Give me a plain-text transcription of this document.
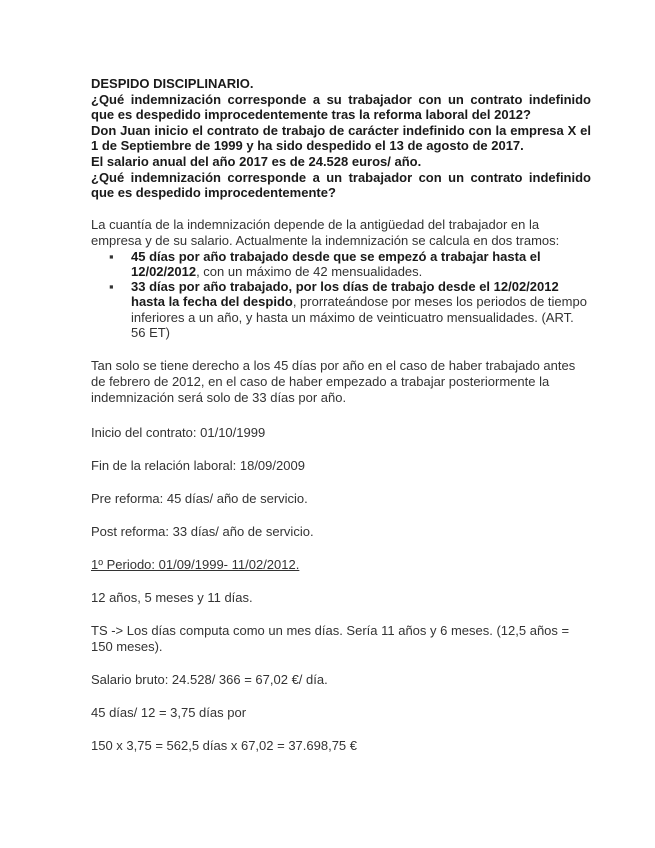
DESPIDO DISCIPLINARIO.
¿Qué indemnización corresponde a su trabajador con un contrato indefinido que es despedido improcedentemente tras la reforma laboral del 2012?
Don Juan inicio el contrato de trabajo de carácter indefinido con la empresa X el 1 de Septiembre de 1999 y ha sido despedido el 13 de agosto de 2017.
El salario anual del año 2017 es de 24.528 euros/ año.
¿Qué indemnización corresponde a un trabajador con un contrato indefinido que es despedido improcedentemente?
La cuantía de la indemnización depende de la antigüedad del trabajador en la empresa y de su salario. Actualmente la indemnización se calcula en dos tramos:
▪ 45 días por año trabajado desde que se empezó a trabajar hasta el 12/02/2012, con un máximo de 42 mensualidades.
▪ 33 días por año trabajado, por los días de trabajo desde el 12/02/2012 hasta la fecha del despido, prorrateándose por meses los periodos de tiempo inferiores a un año, y hasta un máximo de veinticuatro mensualidades. (ART. 56 ET)
Tan solo se tiene derecho a los 45 días por año en el caso de haber trabajado antes de febrero de 2012, en el caso de haber empezado a trabajar posteriormente la indemnización será solo de 33 días por año.
Inicio del contrato: 01/10/1999
Fin de la relación laboral: 18/09/2009
Pre reforma: 45 días/ año de servicio.
Post reforma: 33 días/ año de servicio.
1º Periodo: 01/09/1999- 11/02/2012.
12 años, 5 meses y 11 días.
TS -> Los días computa como un mes días. Sería 11 años y 6 meses. (12,5 años = 150 meses).
Salario bruto: 24.528/ 366 = 67,02 €/ día.
45 días/ 12 = 3,75 días por
150 x 3,75 = 562,5 días x 67,02 = 37.698,75 €
